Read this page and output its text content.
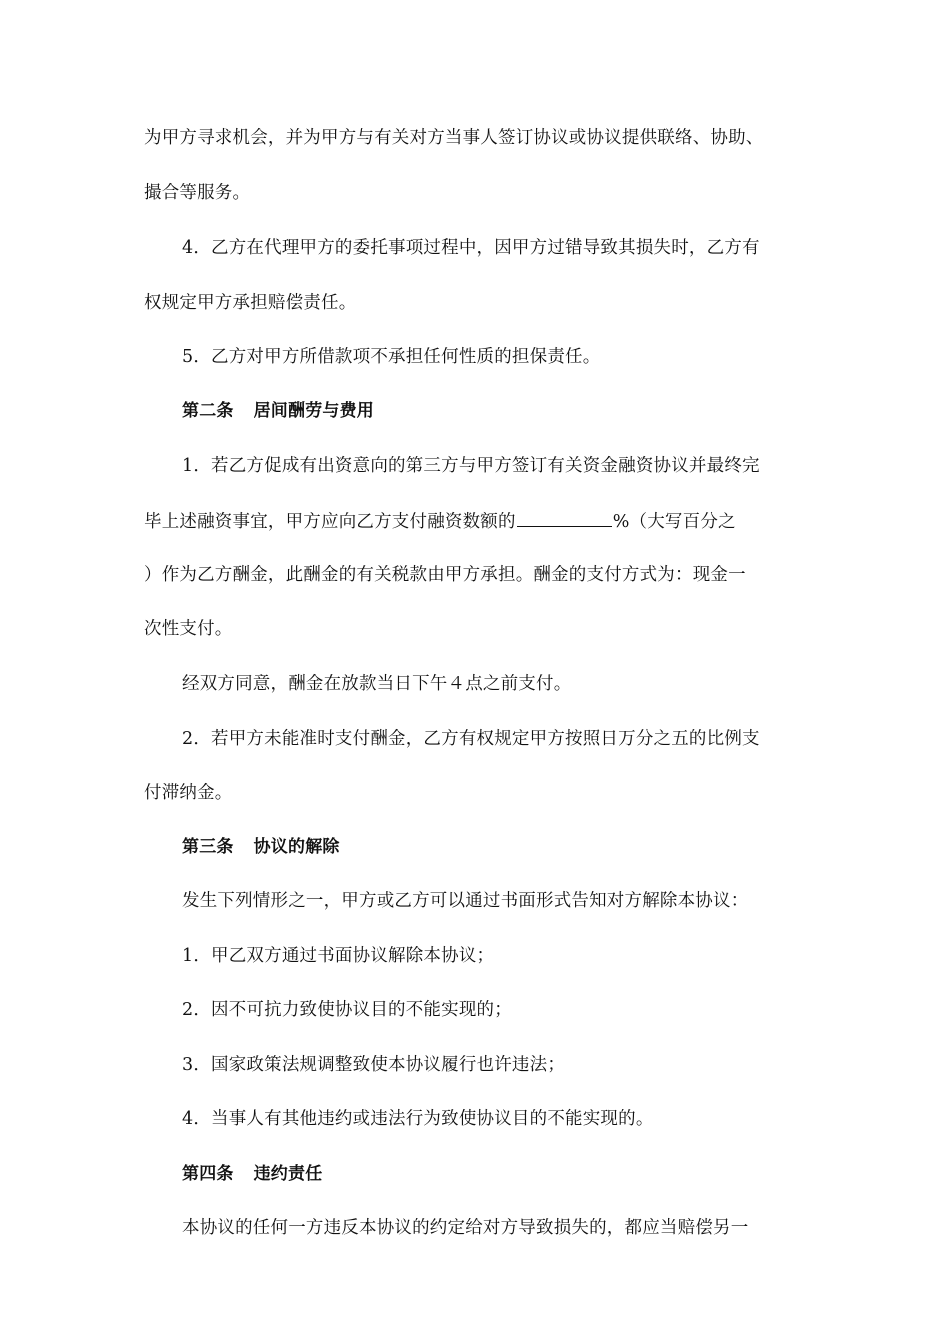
为甲方寻求机会，并为甲方与有关对方当事人签订协议或协议提供联络、协助、
撮合等服务。
4．乙方在代理甲方的委托事项过程中，因甲方过错导致其损失时，乙方有
权规定甲方承担赔偿责任。
5．乙方对甲方所借款项不承担任何性质的担保责任。
第二条 居间酬劳与费用
1．若乙方促成有出资意向的第三方与甲方签订有关资金融资协议并最终完
毕上述融资事宜，甲方应向乙方支付融资数额的	%（大写百分之
）作为乙方酬金，此酬金的有关税款由甲方承担。酬金的支付方式为：现金一
次性支付。
经双方同意，酬金在放款当日下午４点之前支付。
2．若甲方未能准时支付酬金，乙方有权规定甲方按照日万分之五的比例支
付滞纳金。
第三条 协议的解除
发生下列情形之一，甲方或乙方可以通过书面形式告知对方解除本协议：
1．甲乙双方通过书面协议解除本协议；
2．因不可抗力致使协议目的不能实现的；
3．国家政策法规调整致使本协议履行也许违法；
4．当事人有其他违约或违法行为致使协议目的不能实现的。
第四条 违约责任
本协议的任何一方违反本协议的约定给对方导致损失的，都应当赔偿另一
